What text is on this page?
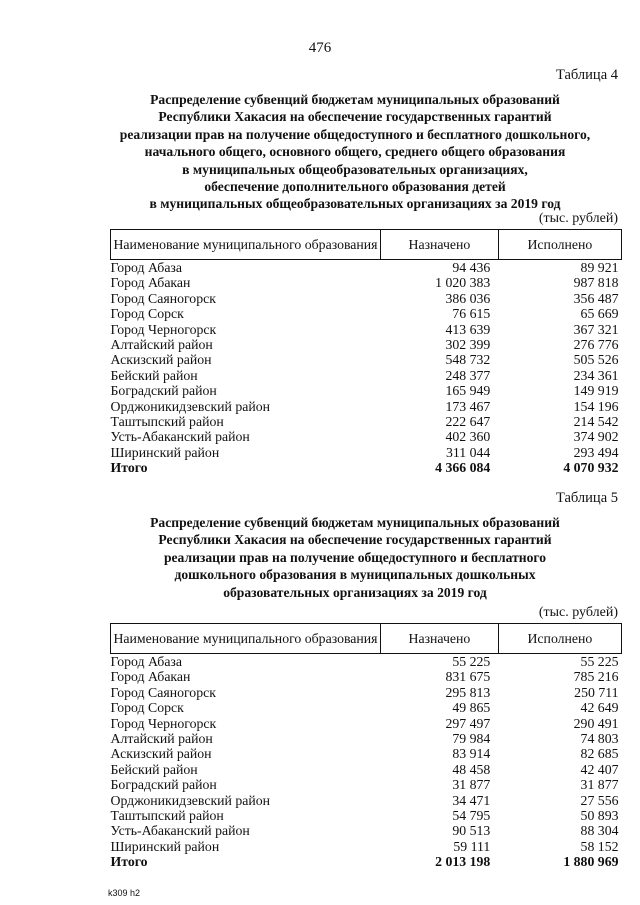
476
Таблица 4
Распределение субвенций бюджетам муниципальных образований
Республики Хакасия на обеспечение государственных гарантий
реализации прав на получение общедоступного и бесплатного дошкольного,
начального общего, основного общего, среднего общего образования
в муниципальных общеобразовательных организациях,
обеспечение дополнительного образования детей
в муниципальных общеобразовательных организациях за 2019 год
(тыс. рублей)
Наименование муниципального образования	Назначено	Исполнено
Город Абаза	94 436	89 921
Город Абакан	1 020 383	987 818
Город Саяногорск	386 036	356 487
Город Сорск	76 615	65 669
Город Черногорск	413 639	367 321
Алтайский район	302 399	276 776
Аскизский район	548 732	505 526
Бейский район	248 377	234 361
Боградский район	165 949	149 919
Орджоникидзевский район	173 467	154 196
Таштыпский район	222 647	214 542
Усть-Абаканский район	402 360	374 902
Ширинский район	311 044	293 494
Итого	4 366 084	4 070 932
Таблица 5
Распределение субвенций бюджетам муниципальных образований
Республики Хакасия на обеспечение государственных гарантий
реализации прав на получение общедоступного и бесплатного
дошкольного образования в муниципальных дошкольных
образовательных организациях за 2019 год
(тыс. рублей)
Наименование муниципального образования	Назначено	Исполнено
Город Абаза	55 225	55 225
Город Абакан	831 675	785 216
Город Саяногорск	295 813	250 711
Город Сорск	49 865	42 649
Город Черногорск	297 497	290 491
Алтайский район	79 984	74 803
Аскизский район	83 914	82 685
Бейский район	48 458	42 407
Боградский район	31 877	31 877
Орджоникидзевский район	34 471	27 556
Таштыпский район	54 795	50 893
Усть-Абаканский район	90 513	88 304
Ширинский район	59 111	58 152
Итого	2 013 198	1 880 969
k309 h2
